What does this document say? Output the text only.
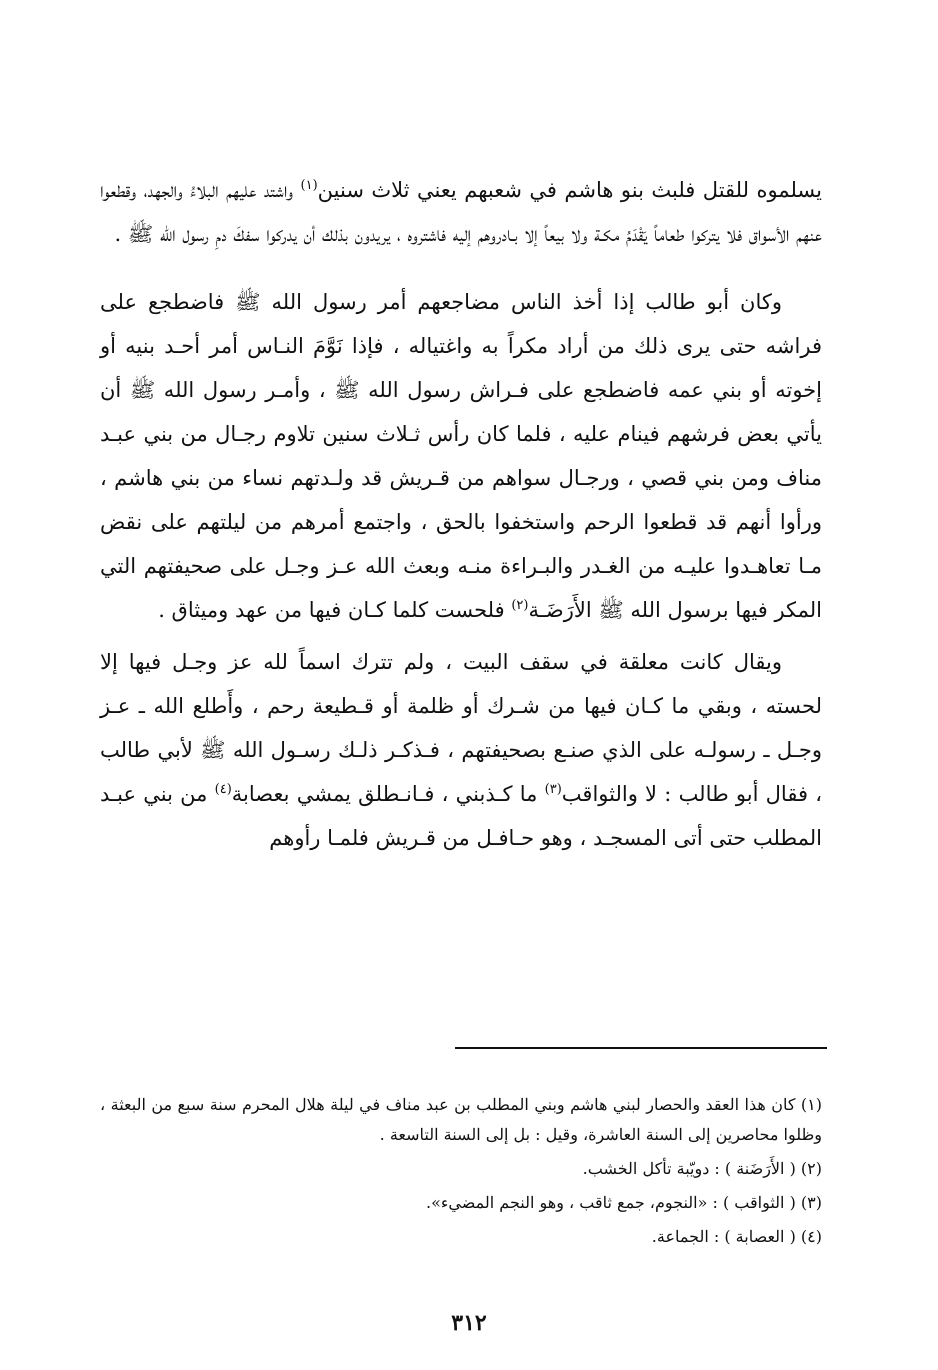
يسلموه للقتل فلبث بنو هاشم في شعبهم يعني ثلاث سنين$^{(١)}$ واشتد عليهم البلاءُ والجهد، وقطعوا عنهم الأسواق فلا يتركوا طعاماً يَقْدَمُ مكـة ولا بيعاً إلا بـادروهم إليه فاشتروه ، يريدون بذلك أن يدركوا سفكَ دمِ رسول الله ﷺ .

وكان أبو طالب إذا أخذ الناس مضاجعهم أمر رسول الله ﷺ فاضطجع على فراشه حتى يرى ذلك من أراد مكراً به واغتياله ، فإذا نَوَّمَ النـاس أمر أحـد بنيه أو إخوته أو بني عمه فاضطجع على فـراش رسول الله ﷺ ، وأمـر رسول الله ﷺ أن يأتي بعض فرشهم فينام عليه ، فلما كان رأس ثـلاث سنين تلاوم رجـال من بني عبـد مناف ومن بني قصي ، ورجـال سواهم من قـريش قد ولـدتهم نساء من بني هاشم ، ورأوا أنهم قد قطعوا الرحم واستخفوا بالحق ، واجتمع أمرهم من ليلتهم على نقض مـا تعاهـدوا عليـه من الغـدر والبـراءة منـه وبعث الله عـز وجـل على صحيفتهم التي المكر فيها برسول الله ﷺ الأَرَضَـة$^{(٢)}$ فلحست كلما كـان فيها من عهد وميثاق .

ويقال كانت معلقة في سقف البيت ، ولم تترك اسماً لله عز وجـل فيها إلا لحسته ، وبقي ما كـان فيها من شـرك أو ظلمة أو قـطيعة رحم ، وأَطلع الله ـ عـز وجـل ـ رسولـه على الذي صنـع بصحيفتهم ، فـذكـر ذلـك رسـول الله ﷺ لأبي طالب ، فقال أبو طالب : لا والثواقب$^{(٣)}$ ما كـذبني ، فـانـطلق يمشي بعصابة$^{(٤)}$ من بني عبـد المطلب حتى أتى المسجـد ، وهو حـافـل من قـريش فلمـا رأوهم

(١) كان هذا العقد والحصار لبني هاشم وبني المطلب بن عبد مناف في ليلة هلال المحرم سنة سبع من البعثة ، وظلوا محاصرين إلى السنة العاشرة، وقيل : بل إلى السنة التاسعة .

(٢) ( الأَرَضَنة ) : دويّبة تأكل الخشب.

(٣) ( الثواقب ) : «النجوم، جمع ثاقب ، وهو النجم المضيء».

(٤) ( العصابة ) : الجماعة.

٣١٢
